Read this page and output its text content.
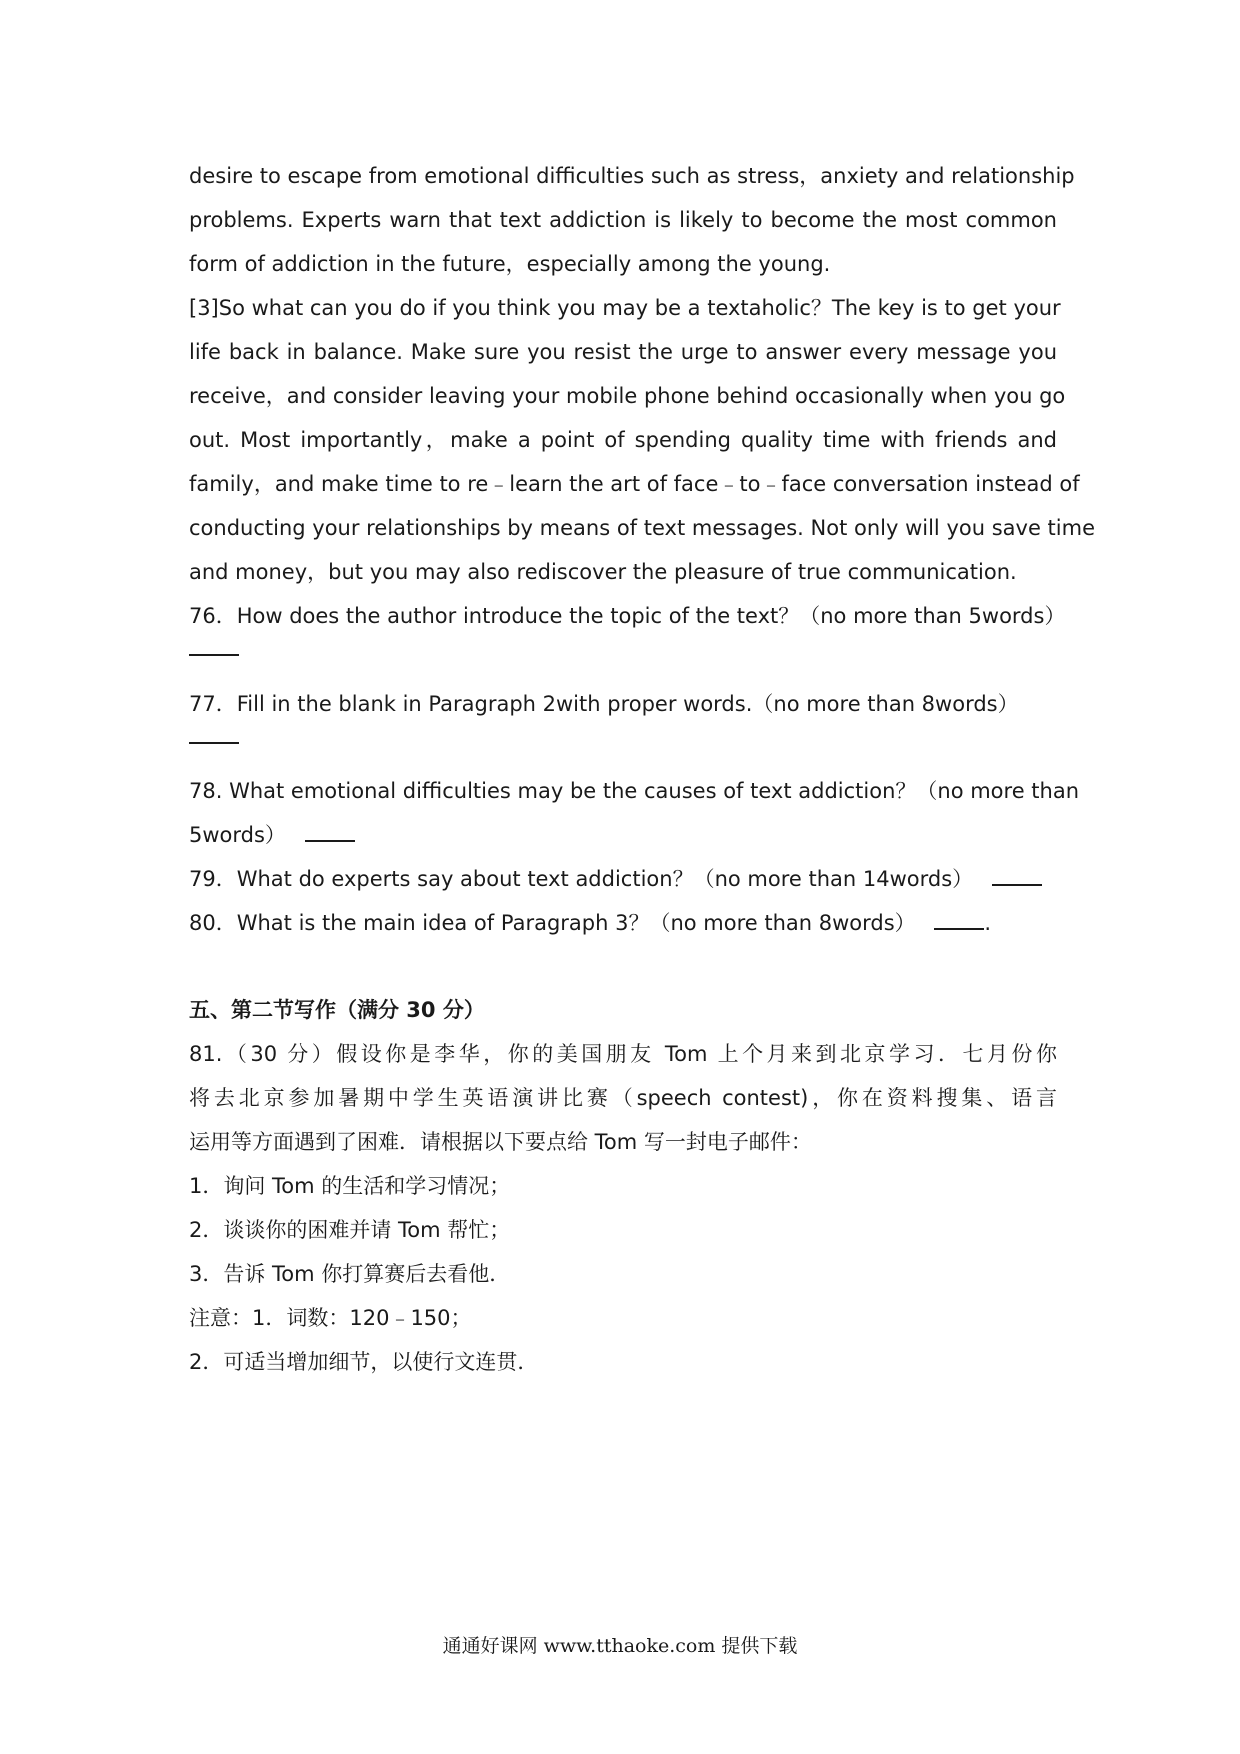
desire to escape from emotional difficulties such as stress，anxiety and relationship
problems. Experts warn that text addiction is likely to become the most common
form of addiction in the future，especially among the young.
[3]So what can you do if you think you may be a textaholic？The key is to get your
life back in balance. Make sure you resist the urge to answer every message you
receive，and consider leaving your mobile phone behind occasionally when you go
out. Most importantly，make a point of spending quality time with friends and
family，and make time to re﹣learn the art of face﹣to﹣face conversation instead of
conducting your relationships by means of text messages. Not only will you save time
and money，but you may also rediscover the pleasure of true communication.
76．How does the author introduce the topic of the text？（no more than 5words）
77．Fill in the blank in Paragraph 2with proper words.（no more than 8words）
78. What emotional difficulties may be the causes of text addiction？（no more than
5words）
79．What do experts say about text addiction？（no more than 14words）
80．What is the main idea of Paragraph 3？（no more than 8words）	.
五、第二节写作（满分 30 分）
81.（30 分）假设你是李华，你的美国朋友 Tom 上个月来到北京学习．七月份你
将去北京参加暑期中学生英语演讲比赛（speech contest)，你在资料搜集、语言
运用等方面遇到了困难．请根据以下要点给 Tom 写一封电子邮件：
1．询问 Tom 的生活和学习情况；
2．谈谈你的困难并请 Tom 帮忙；
3．告诉 Tom 你打算赛后去看他．
注意：1．词数：120﹣150；
2．可适当增加细节，以使行文连贯．
通通好课网 www.tthaoke.com 提供下载
